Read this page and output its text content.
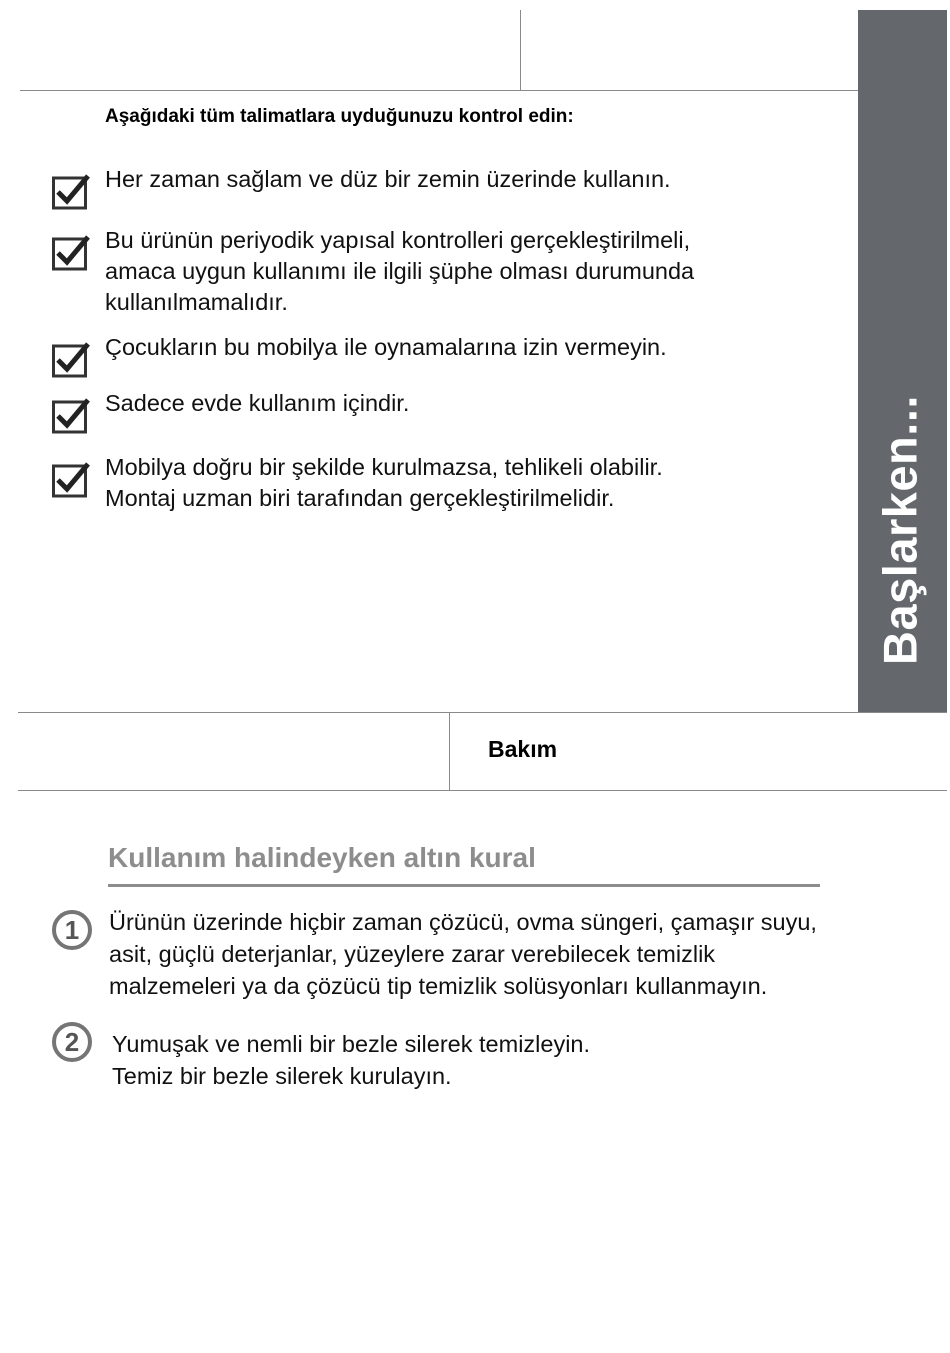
Başlarken...
Aşağıdaki tüm talimatlara uyduğunuzu kontrol edin:
Her zaman sağlam ve düz bir zemin üzerinde kullanın.
Bu ürünün periyodik yapısal kontrolleri gerçekleştirilmeli,
amaca uygun kullanımı ile ilgili şüphe olması durumunda
kullanılmamalıdır.
Çocukların bu mobilya ile oynamalarına izin vermeyin.
Sadece evde kullanım içindir.
Mobilya doğru bir şekilde kurulmazsa, tehlikeli olabilir.
Montaj uzman biri tarafından gerçekleştirilmelidir.
Bakım
Kullanım halindeyken altın kural
1	Ürünün üzerinde hiçbir zaman çözücü, ovma süngeri, çamaşır suyu,
asit, güçlü deterjanlar, yüzeylere zarar verebilecek temizlik
malzemeleri ya da çözücü tip temizlik solüsyonları kullanmayın.
2	Yumuşak ve nemli bir bezle silerek temizleyin.
Temiz bir bezle silerek kurulayın.
